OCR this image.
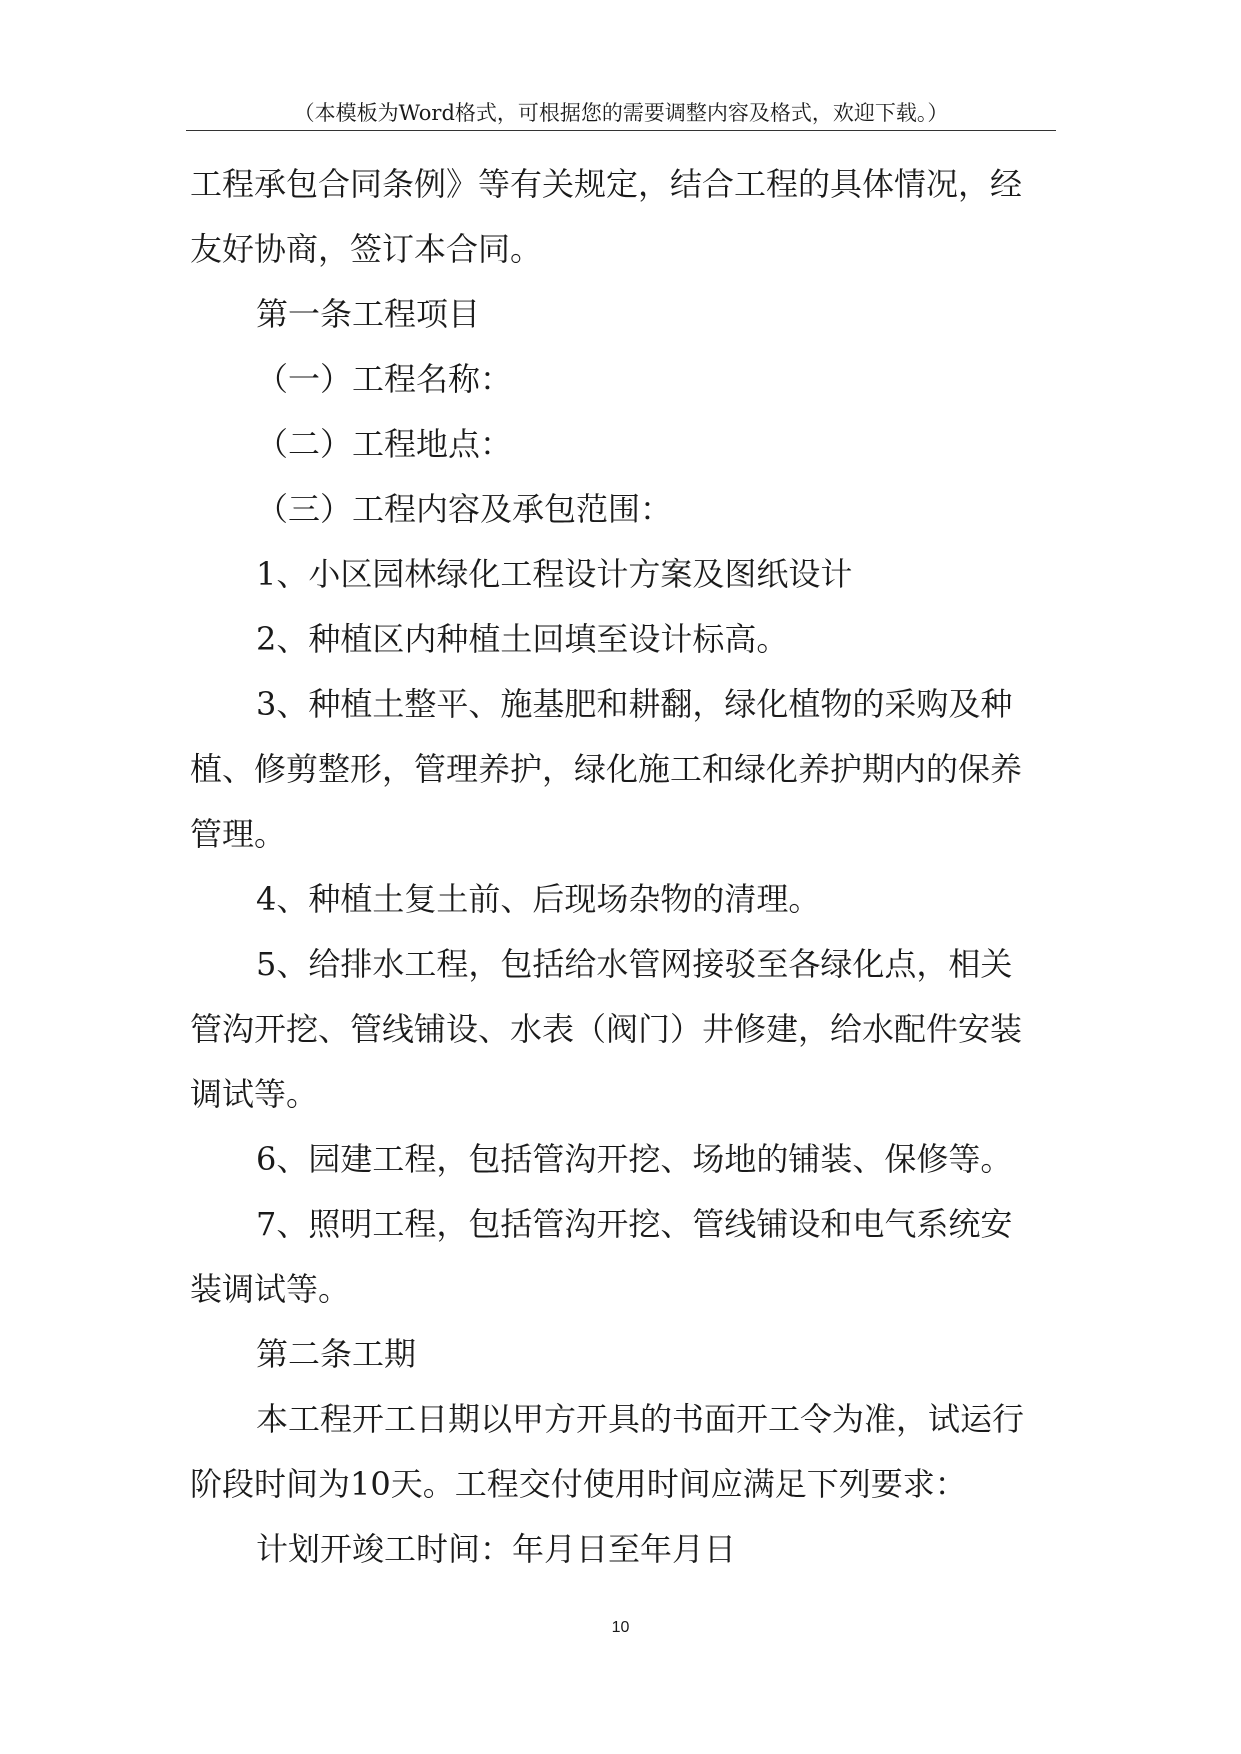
（本模板为Word格式，可根据您的需要调整内容及格式，欢迎下载。）
工程承包合同条例》等有关规定，结合工程的具体情况，经
友好协商，签订本合同。
第一条工程项目
（一）工程名称：
（二）工程地点：
（三）工程内容及承包范围：
1、小区园林绿化工程设计方案及图纸设计
2、种植区内种植土回填至设计标高。
3、种植土整平、施基肥和耕翻，绿化植物的采购及种
植、修剪整形，管理养护，绿化施工和绿化养护期内的保养
管理。
4、种植土复土前、后现场杂物的清理。
5、给排水工程，包括给水管网接驳至各绿化点，相关
管沟开挖、管线铺设、水表（阀门）井修建，给水配件安装
调试等。
6、园建工程，包括管沟开挖、场地的铺装、保修等。
7、照明工程，包括管沟开挖、管线铺设和电气系统安
装调试等。
第二条工期
本工程开工日期以甲方开具的书面开工令为准，试运行
阶段时间为10天。工程交付使用时间应满足下列要求：
计划开竣工时间：年月日至年月日
10
